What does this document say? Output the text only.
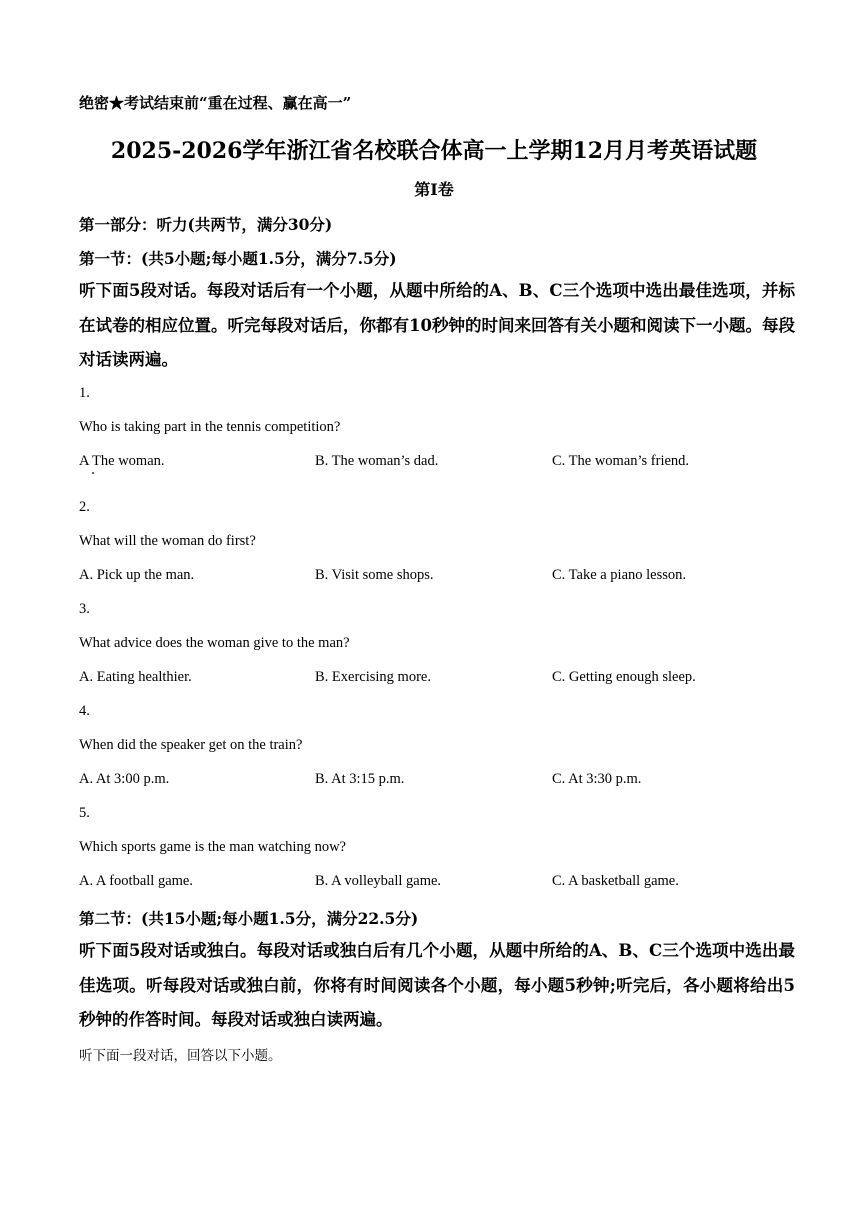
绝密★考试结束前“重在过程、赢在高一”
2025-2026学年浙江省名校联合体高一上学期12月月考英语试题
第Ⅰ卷
第一部分：听力(共两节，满分30分)
第一节：(共5小题;每小题1.5分，满分7.5分)
听下面5段对话。每段对话后有一个小题，从题中所给的A、B、C三个选项中选出最佳选项，并标在试卷的相应位置。听完每段对话后，你都有10秒钟的时间来回答有关小题和阅读下一小题。每段对话读两遍。
1.
Who is taking part in the tennis competition?
A The woman.	B. The woman’s dad.	C. The woman’s friend.
2.
What will the woman do first?
A. Pick up the man.	B. Visit some shops.	C. Take a piano lesson.
3.
What advice does the woman give to the man?
A. Eating healthier.	B. Exercising more.	C. Getting enough sleep.
4.
When did the speaker get on the train?
A. At 3:00 p.m.	B. At 3:15 p.m.	C. At 3:30 p.m.
5.
Which sports game is the man watching now?
A. A football game.	B. A volleyball game.	C. A basketball game.
第二节：(共15小题;每小题1.5分，满分22.5分)
听下面5段对话或独白。每段对话或独白后有几个小题，从题中所给的A、B、C三个选项中选出最佳选项。听每段对话或独白前，你将有时间阅读各个小题，每小题5秒钟;听完后，各小题将给出5秒钟的作答时间。每段对话或独白读两遍。
听下面一段对话，回答以下小题。
